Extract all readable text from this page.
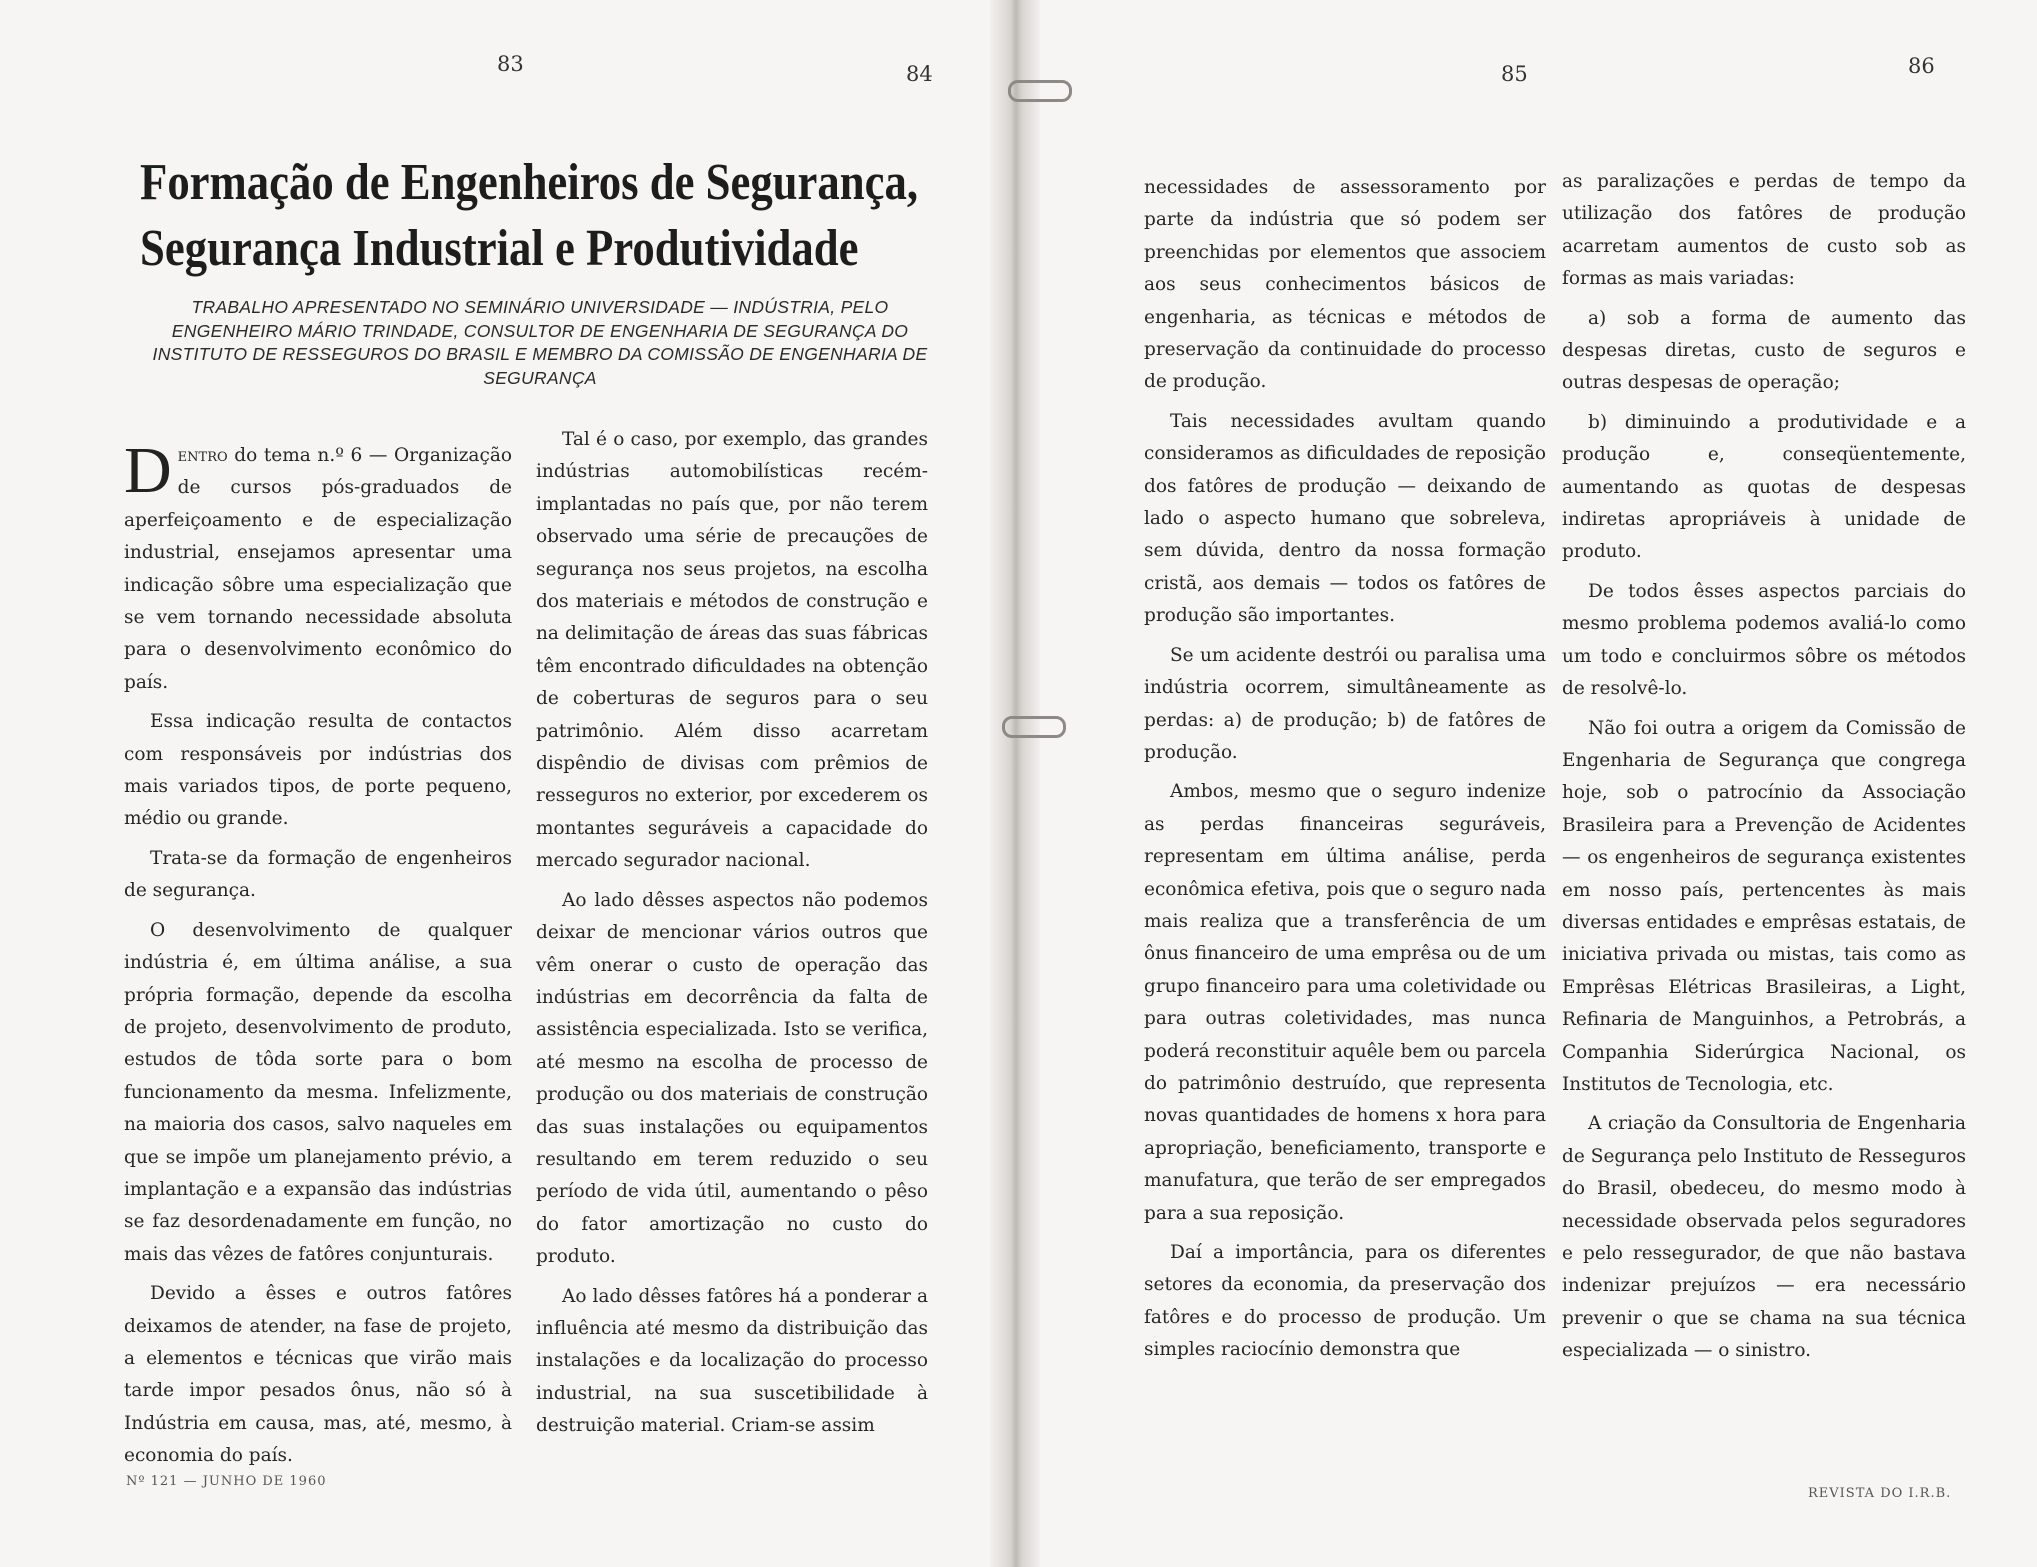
83	84	85	86
Formação de Engenheiros de Segurança,
Segurança Industrial e Produtividade
TRABALHO APRESENTADO NO SEMINÁRIO UNIVERSIDADE — INDÚSTRIA, PELO ENGENHEIRO MÁRIO TRINDADE, CONSULTOR DE ENGENHARIA DE SEGURANÇA DO INSTITUTO DE RESSEGUROS DO BRASIL E MEMBRO DA COMISSÃO DE ENGENHARIA DE SEGURANÇA

Dentro do tema n.º 6 — Organização de cursos pós-graduados de aperfeiçoamento e de especialização industrial, ensejamos apresentar uma indicação sôbre uma especialização que se vem tornando necessidade absoluta para o desenvolvimento econômico do país.

Essa indicação resulta de contactos com responsáveis por indústrias dos mais variados tipos, de porte pequeno, médio ou grande.

Trata-se da formação de engenheiros de segurança.

O desenvolvimento de qualquer indústria é, em última análise, a sua própria formação, depende da escolha de projeto, desenvolvimento de produto, estudos de tôda sorte para o bom funcionamento da mesma. Infelizmente, na maioria dos casos, salvo naqueles em que se impõe um planejamento prévio, a implantação e a expansão das indústrias se faz desordenadamente em função, no mais das vêzes de fatôres conjunturais.

Devido a êsses e outros fatôres deixamos de atender, na fase de projeto, a elementos e técnicas que virão mais tarde impor pesados ônus, não só à Indústria em causa, mas, até, mesmo, à economia do país.

Tal é o caso, por exemplo, das grandes indústrias automobilísticas recém-implantadas no país que, por não terem observado uma série de precauções de segurança nos seus projetos, na escolha dos materiais e métodos de construção e na delimitação de áreas das suas fábricas têm encontrado dificuldades na obtenção de coberturas de seguros para o seu patrimônio. Além disso acarretam dispêndio de divisas com prêmios de resseguros no exterior, por excederem os montantes seguráveis a capacidade do mercado segurador nacional.

Ao lado dêsses aspectos não podemos deixar de mencionar vários outros que vêm onerar o custo de operação das indústrias em decorrência da falta de assistência especializada. Isto se verifica, até mesmo na escolha de processo de produção ou dos materiais de construção das suas instalações ou equipamentos resultando em terem reduzido o seu período de vida útil, aumentando o pêso do fator amortização no custo do produto.

Ao lado dêsses fatôres há a ponderar a influência até mesmo da distribuição das instalações e da localização do processo industrial, na sua suscetibilidade à destruição material. Criam-se assim

necessidades de assessoramento por parte da indústria que só podem ser preenchidas por elementos que associem aos seus conhecimentos básicos de engenharia, as técnicas e métodos de preservação da continuidade do processo de produção.

Tais necessidades avultam quando consideramos as dificuldades de reposição dos fatôres de produção — deixando de lado o aspecto humano que sobreleva, sem dúvida, dentro da nossa formação cristã, aos demais — todos os fatôres de produção são importantes.

Se um acidente destrói ou paralisa uma indústria ocorrem, simultâneamente as perdas: a) de produção; b) de fatôres de produção.

Ambos, mesmo que o seguro indenize as perdas financeiras seguráveis, representam em última análise, perda econômica efetiva, pois que o seguro nada mais realiza que a transferência de um ônus financeiro de uma emprêsa ou de um grupo financeiro para uma coletividade ou para outras coletividades, mas nunca poderá reconstituir aquêle bem ou parcela do patrimônio destruído, que representa novas quantidades de homens x hora para apropriação, beneficiamento, transporte e manufatura, que terão de ser empregados para a sua reposição.

Daí a importância, para os diferentes setores da economia, da preservação dos fatôres e do processo de produção. Um simples raciocínio demonstra que

as paralizações e perdas de tempo da utilização dos fatôres de produção acarretam aumentos de custo sob as formas as mais variadas:

a) sob a forma de aumento das despesas diretas, custo de seguros e outras despesas de operação;

b) diminuindo a produtividade e a produção e, conseqüentemente, aumentando as quotas de despesas indiretas apropriáveis à unidade de produto.

De todos êsses aspectos parciais do mesmo problema podemos avaliá-lo como um todo e concluirmos sôbre os métodos de resolvê-lo.

Não foi outra a origem da Comissão de Engenharia de Segurança que congrega hoje, sob o patrocínio da Associação Brasileira para a Prevenção de Acidentes — os engenheiros de segurança existentes em nosso país, pertencentes às mais diversas entidades e emprêsas estatais, de iniciativa privada ou mistas, tais como as Emprêsas Elétricas Brasileiras, a Light, Refinaria de Manguinhos, a Petrobrás, a Companhia Siderúrgica Nacional, os Institutos de Tecnologia, etc.

A criação da Consultoria de Engenharia de Segurança pelo Instituto de Resseguros do Brasil, obedeceu, do mesmo modo à necessidade observada pelos seguradores e pelo ressegurador, de que não bastava indenizar prejuízos — era necessário prevenir o que se chama na sua técnica especializada — o sinistro.

Nº 121 — JUNHO DE 1960
REVISTA DO I.R.B.
